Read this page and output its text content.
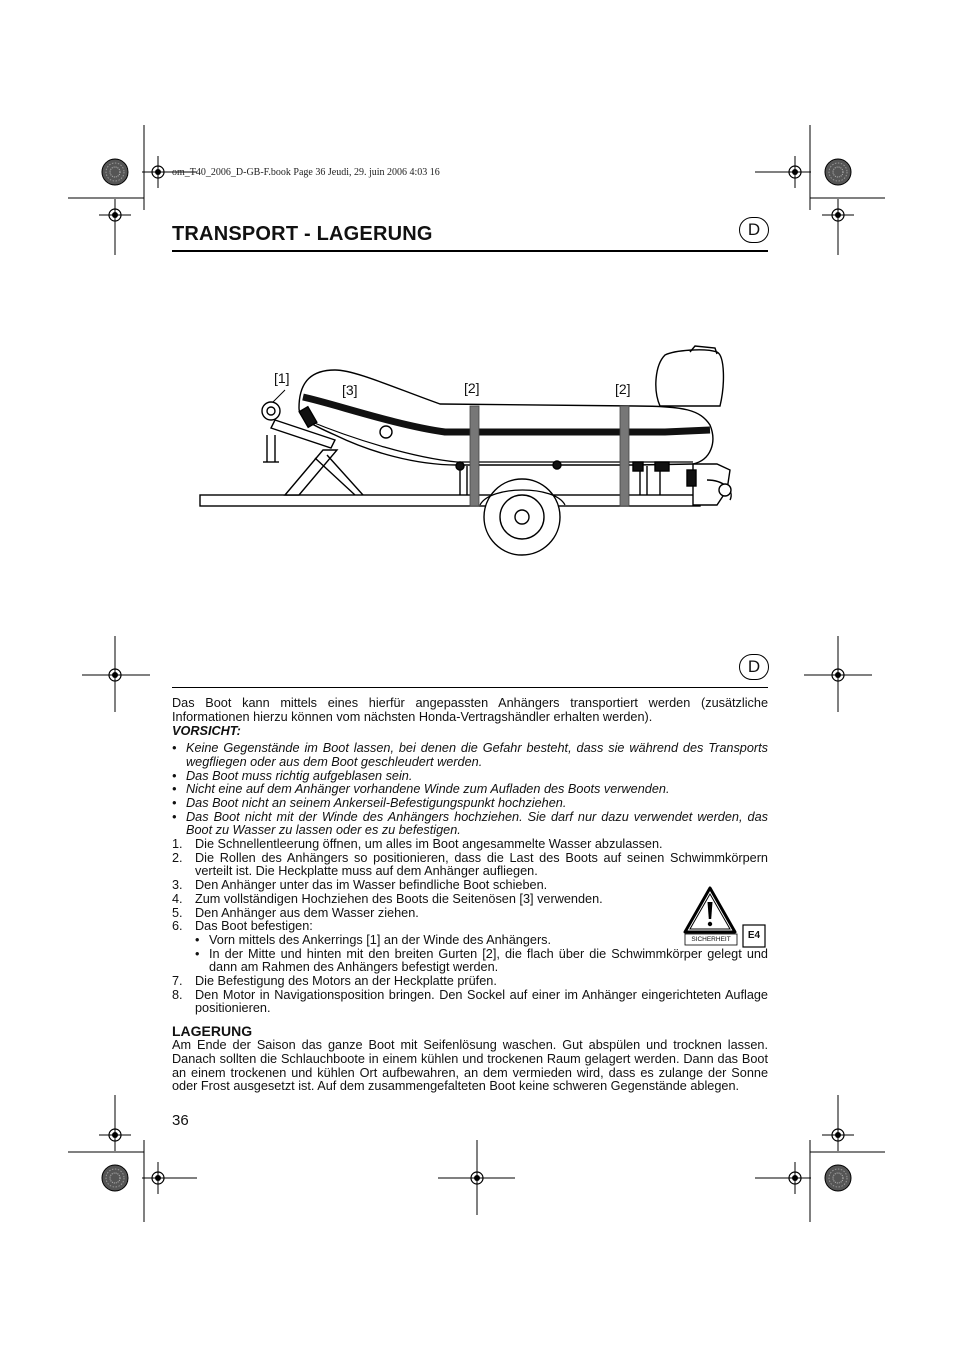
om_T40_2006_D-GB-F.book Page 36 Jeudi, 29. juin 2006 4:03 16
TRANSPORT - LAGERUNG	D
[1]
[3]	[2]	[2]
D

Das Boot kann mittels eines hierfür angepassten Anhängers transportiert werden (zusätzliche Informationen hierzu können vom nächsten Honda-Vertragshändler erhalten werden).

VORSICHT:

• Keine Gegenstände im Boot lassen, bei denen die Gefahr besteht, dass sie während des Transports wegfliegen oder aus dem Boot geschleudert werden.
• Das Boot muss richtig aufgeblasen sein.
• Nicht eine auf dem Anhänger vorhandene Winde zum Aufladen des Boots verwenden.
• Das Boot nicht an seinem Ankerseil-Befestigungspunkt hochziehen.
• Das Boot nicht mit der Winde des Anhängers hochziehen. Sie darf nur dazu verwendet werden, das Boot zu Wasser zu lassen oder es zu befestigen.
1. Die Schnellentleerung öffnen, um alles im Boot angesammelte Wasser abzulassen.
2. Die Rollen des Anhängers so positionieren, dass die Last des Boots auf seinen Schwimmkörpern verteilt ist. Die Heckplatte muss auf dem Anhänger aufliegen.
3. Den Anhänger unter das im Wasser befindliche Boot schieben.
4. Zum vollständigen Hochziehen des Boots die Seitenösen [3] verwenden.
5. Den Anhänger aus dem Wasser ziehen.
6. Das Boot befestigen:
• Vorn mittels des Ankerrings [1] an der Winde des Anhängers.
• In der Mitte und hinten mit den breiten Gurten [2], die flach über die Schwimmkörper gelegt und dann am Rahmen des Anhängers befestigt werden.
7. Die Befestigung des Motors an der Heckplatte prüfen.
8. Den Motor in Navigationsposition bringen. Den Sockel auf einer im Anhänger eingerichteten Auflage positionieren.

LAGERUNG

Am Ende der Saison das ganze Boot mit Seifenlösung waschen. Gut abspülen und trocknen lassen. Danach sollten die Schlauchboote in einem kühlen und trockenen Raum gelagert werden. Dann das Boot an einem trockenen und kühlen Ort aufbewahren, an dem vermieden wird, dass es zulange der Sonne oder Frost ausgesetzt ist. Auf dem zusammengefalteten Boot keine schweren Gegenstände ablegen.

SICHERHEIT	E4
36
